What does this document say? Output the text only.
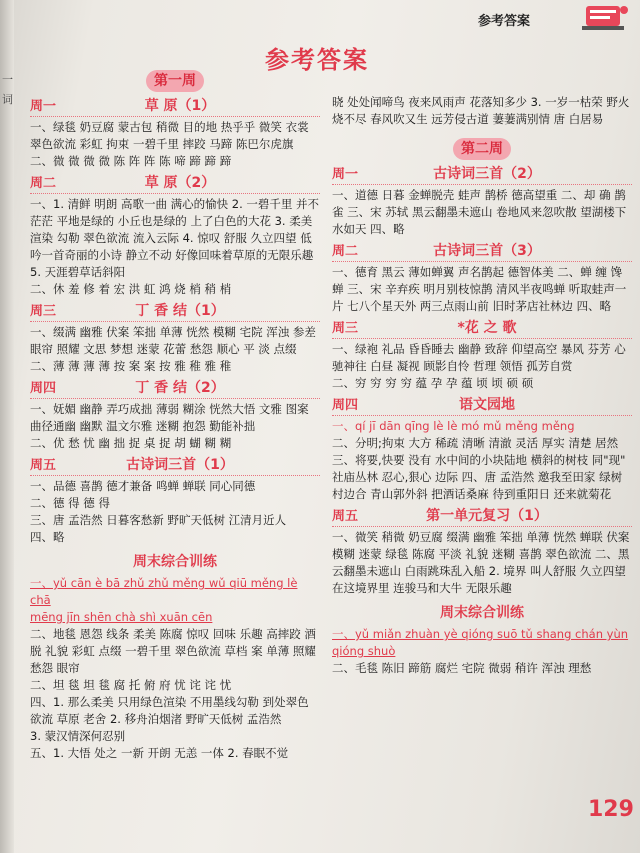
一
词
参考答案
参考答案
第一周
周一	草 原（1）

一、绿毯 奶豆腐 蒙古包 稍微 目的地 热乎乎 微笑 衣裳 翠色欲流 彩虹 拘束 一碧千里 摔跤 马蹄 陈巴尔虎旗

二、微 微 微 微 陈 阵 阵 陈 啼 蹄 蹄 蹄

周二	草 原（2）

一、1. 清鲜 明朗 高歌一曲 满心的愉快 2. 一碧千里 并不茫茫 平地是绿的 小丘也是绿的 上了白色的大花 3. 柔美 渲染 勾勒 翠色欲流 流入云际 4. 惊叹 舒服 久立四望 低吟一首奇丽的小诗 静立不动 好像回味着草原的无限乐趣 5. 天涯碧草话斜阳

二、休 羞 修 着 宏 洪 虹 鸿 烧 梢 稍 梢

周三	丁 香 结（1）

一、缀满 幽雅 伏案 笨拙 单薄 恍然 模糊 宅院 浑浊 参差 眼帘 照耀 文思 梦想 迷蒙 花蕾 愁怨 顺心 平 淡 点缀

二、薄 薄 薄 薄 按 案 案 按 雅 稚 雅 稚

周四	丁 香 结（2）

一、妩媚 幽静 弄巧成拙 薄弱 糊涂 恍然大悟 文雅 图案 曲径通幽 幽默 温文尔雅 迷糊 抱怨 勤能补拙

二、优 愁 忧 幽 拙 捉 桌 捉 胡 蝴 糊 糊

周五	古诗词三首（1）

一、品德 喜鹊 德才兼备 鸣蝉 蝉联 同心同德

二、德 得 德 得

三、唐 孟浩然 日暮客愁新 野旷天低树 江清月近人

四、略

周末综合训练

一、yǔ cān è bā zhǔ zhǔ měng wǔ qiū měng lè chā

mēng jīn shēn chà shì xuān cēn

二、地毯 恩怨 线条 柔美 陈腐 惊叹 回味 乐趣 高摔跤 酒脱 礼貌 彩虹 点缀 一碧千里 翠色欲流 草档 案 单薄 照耀 愁怨 眼帘

二、坦 毯 坦 毯 腐 托 俯 府 忧 诧 诧 忧

四、1. 那么柔美 只用绿色渲染 不用墨线勾勒 到处翠色欲流 草原 老舍 2. 移舟泊烟渚 野旷天低树 孟浩然

3. 蒙汉情深何忍别

五、1. 大悟 处之 一新 开朗 无恙 一体 2. 春眠不觉

晓 处处闻啼鸟 夜来风雨声 花落知多少 3. 一岁一枯荣 野火烧不尽 春风吹又生 远芳侵古道 萋萋满别情 唐 白居易

第二周
周一	古诗词三首（2）

一、道德 日暮 金蝉脱壳 蛙声 鹊桥 德高望重 二、却 确 鹊 雀 三、宋 苏轼 黑云翻墨未遮山 卷地风来忽吹散 望湖楼下水如天 四、略

周二	古诗词三首（3）

一、德育 黑云 薄如蝉翼 声名鹊起 德智体美 二、蝉 缠 馋 蝉 三、宋 辛弃疾 明月别枝惊鹊 清风半夜鸣蝉 听取蛙声一片 七八个星天外 两三点雨山前 旧时茅店社林边 四、略

周三	*花 之 歌

一、绿袍 礼品 昏昏睡去 幽静 致辞 仰望高空 暴风 芬芳 心驰神往 白昼 凝视 顾影自怜 哲理 领悟 孤芳自赏

二、穷 穷 穷 穷 蕴 孕 孕 蕴 顷 顷 硕 硕

周四	语文园地

一、qí jī dān qīng lè lè mó mǔ měng měng

二、分明;拘束 大方 稀疏 清晰 清澈 灵活 厚实 清楚 居然 三、将要,快要 没有 水中间的小块陆地 横斜的树枝 同"现" 社庙丛林 忍心,狠心 边际 四、唐 孟浩然 邀我至田家 绿树村边合 青山郭外斜 把酒话桑麻 待到重阳日 还来就菊花

周五	第一单元复习（1）

一、微笑 稍微 奶豆腐 缀满 幽雅 笨拙 单薄 恍然 蝉联 伏案 模糊 迷蒙 绿毯 陈腐 平淡 礼貌 迷糊 喜鹊 翠色欲流 二、黑云翻墨未遮山 白雨跳珠乱入船 2. 境界 叫人舒服 久立四望 在这境界里 连骏马和大牛 无限乐趣

周末综合训练

一、yǔ miǎn zhuàn yè qióng suō tǔ shang chán yùn qióng shuò

二、毛毯 陈旧 蹄筋 腐烂 宅院 微弱 稍许 浑浊 理愁

129
